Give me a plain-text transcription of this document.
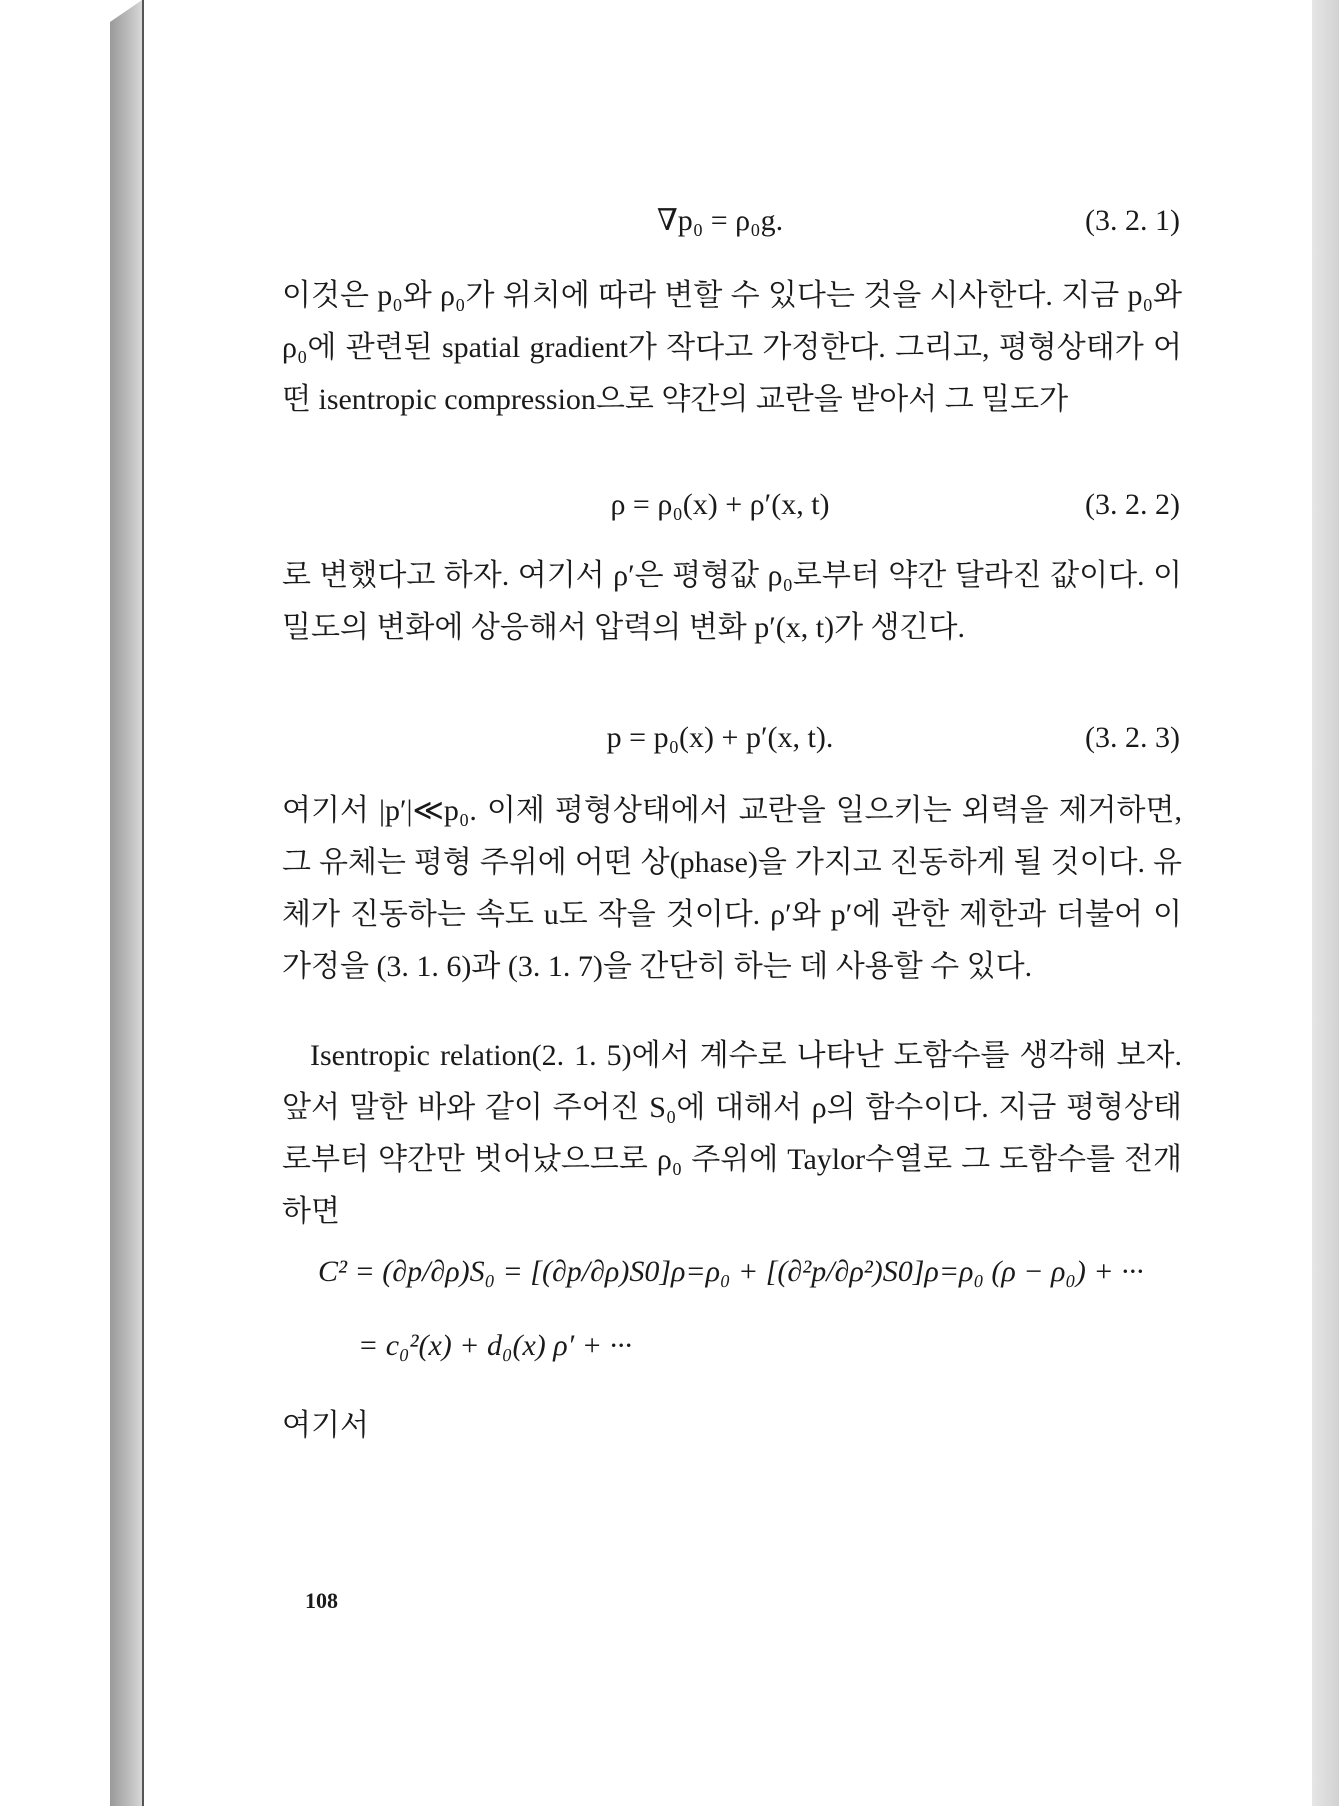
∇p₀ = ρ₀g.	(3. 2. 1)

이것은 p₀와 ρ₀가 위치에 따라 변할 수 있다는 것을 시사한다. 지금 p₀와 ρ₀에 관련된 spatial gradient가 작다고 가정한다. 그리고, 평형상태가 어떤 isentropic compression으로 약간의 교란을 받아서 그 밀도가

ρ = ρ₀(x) + ρ′(x, t)	(3. 2. 2)

로 변했다고 하자. 여기서 ρ′은 평형값 ρ₀로부터 약간 달라진 값이다. 이 밀도의 변화에 상응해서 압력의 변화 p′(x, t)가 생긴다.

p = p₀(x) + p′(x, t).	(3. 2. 3)

여기서 |p′|≪p₀. 이제 평형상태에서 교란을 일으키는 외력을 제거하면, 그 유체는 평형 주위에 어떤 상(phase)을 가지고 진동하게 될 것이다. 유체가 진동하는 속도 u도 작을 것이다. ρ′와 p′에 관한 제한과 더불어 이 가정을 (3. 1. 6)과 (3. 1. 7)을 간단히 하는 데 사용할 수 있다.

Isentropic relation(2. 1. 5)에서 계수로 나타난 도함수를 생각해 보자. 앞서 말한 바와 같이 주어진 S₀에 대해서 ρ의 함수이다. 지금 평형상태로부터 약간만 벗어났으므로 ρ₀ 주위에 Taylor수열로 그 도함수를 전개하면

C² = (∂p/∂ρ)S₀ = [(∂p/∂ρ)S0]ρ=ρ₀ + [(∂²p/∂ρ²)S0]ρ=ρ₀ (ρ − ρ₀) + ···
= c₀²(x) + d₀(x) ρ′ + ···

여기서

108
